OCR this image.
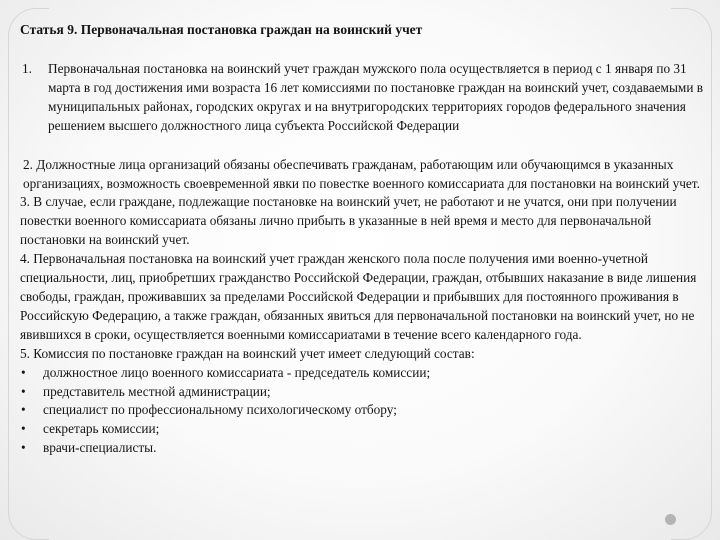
Статья 9. Первоначальная постановка граждан на воинский учет
1. Первоначальная постановка на воинский учет граждан мужского пола осуществляется в период с 1 января по 31 марта в год достижения ими возраста 16 лет комиссиями по постановке граждан на воинский учет, создаваемыми в муниципальных районах, городских округах и на внутригородских территориях городов федерального значения решением высшего должностного лица субъекта Российской Федерации

2. Должностные лица организаций обязаны обеспечивать гражданам, работающим или обучающимся в указанных организациях, возможность своевременной явки по повестке военного комиссариата для постановки на воинский учет.

3. В случае, если граждане, подлежащие постановке на воинский учет, не работают и не учатся, они при получении повестки военного комиссариата обязаны лично прибыть в указанные в ней время и место для первоначальной постановки на воинский учет.

4. Первоначальная постановка на воинский учет граждан женского пола после получения ими военно-учетной специальности, лиц, приобретших гражданство Российской Федерации, граждан, отбывших наказание в виде лишения свободы, граждан, проживавших за пределами Российской Федерации и прибывших для постоянного проживания в Российскую Федерацию, а также граждан, обязанных явиться для первоначальной постановки на воинский учет, но не явившихся в сроки, осуществляется военными комиссариатами в течение всего календарного года.

5. Комиссия по постановке граждан на воинский учет имеет следующий состав:

• должностное лицо военного комиссариата - председатель комиссии;
• представитель местной администрации;
• специалист по профессиональному психологическому отбору;
• секретарь комиссии;
• врачи-специалисты.
